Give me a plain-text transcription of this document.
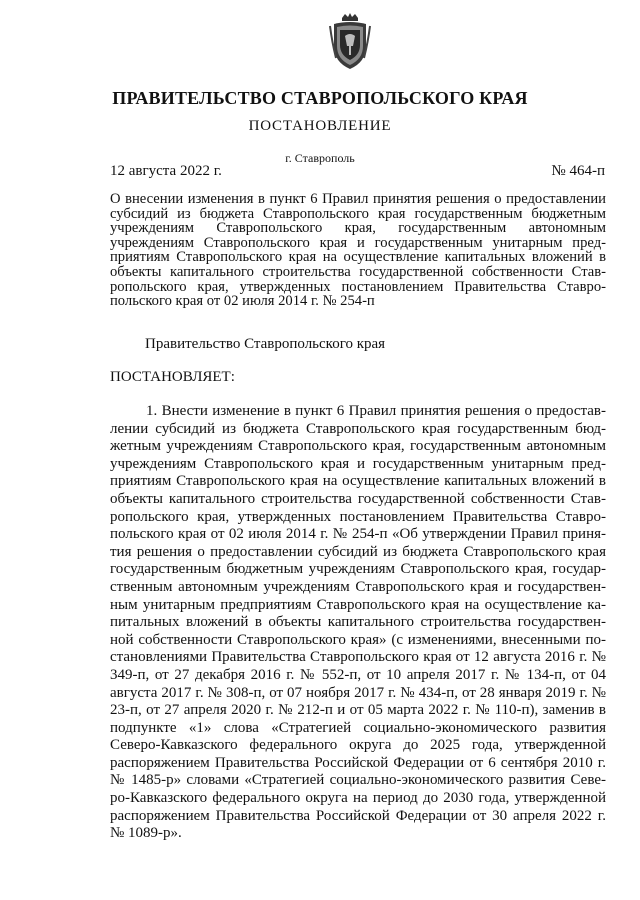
ПРАВИТЕЛЬСТВО СТАВРОПОЛЬСКОГО КРАЯ
ПОСТАНОВЛЕНИЕ
г. Ставрополь
12 августа 2022 г.	№ 464-п
О внесении изменения в пункт 6 Правил принятия решения о предоставлении субсидий из бюджета Ставропольского края государственным бюджетным учреждениям Ставропольского края, государственным автономным учреждениям Ставропольского края и государственным унитарным предприятиям Ставропольского края на осуществление капитальных вложений в объекты капитального строительства государственной собственности Ставропольского края, утвержденных постановлением Правительства Ставропольского края от 02 июля 2014 г. № 254-п
Правительство Ставропольского края
ПОСТАНОВЛЯЕТ:

1. Внести изменение в пункт 6 Правил принятия решения о предоставлении субсидий из бюджета Ставропольского края государственным бюджетным учреждениям Ставропольского края, государственным автономным учреждениям Ставропольского края и государственным унитарным предприятиям Ставропольского края на осуществление капитальных вложений в объекты капитального строительства государственной собственности Ставропольского края, утвержденных постановлением Правительства Ставропольского края от 02 июля 2014 г. № 254-п «Об утверждении Правил принятия решения о предоставлении субсидий из бюджета Ставропольского края государственным бюджетным учреждениям Ставропольского края, государственным автономным учреждениям Ставропольского края и государственным унитарным предприятиям Ставропольского края на осуществление капитальных вложений в объекты капитального строительства государственной собственности Ставропольского края» (с изменениями, внесенными постановлениями Правительства Ставропольского края от 12 августа 2016 г. № 349-п, от 27 декабря 2016 г. № 552-п, от 10 апреля 2017 г. № 134-п, от 04 августа 2017 г. № 308-п, от 07 ноября 2017 г. № 434-п, от 28 января 2019 г. № 23-п, от 27 апреля 2020 г. № 212-п и от 05 марта 2022 г. № 110-п), заменив в подпункте «1» слова «Стратегией социально-экономического развития Северо-Кавказского федерального округа до 2025 года, утвержденной распоряжением Правительства Российской Федерации от 6 сентября 2010 г. № 1485-р» словами «Стратегией социально-экономического развития Северо-Кавказского федерального округа на период до 2030 года, утвержденной распоряжением Правительства Российской Федерации от 30 апреля 2022 г. № 1089-р».
